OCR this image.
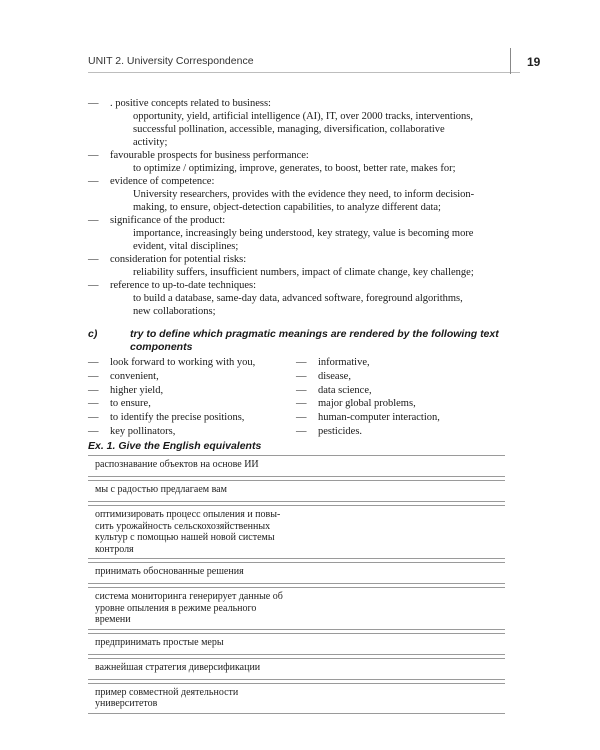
UNIT 2. University Correspondence	19
— . positive concepts related to business:
opportunity, yield, artificial intelligence (AI), IT, over 2000 tracks, interventions,
successful pollination, accessible, managing, diversification, collaborative
activity;
— favourable prospects for business performance:
to optimize / optimizing, improve, generates, to boost, better rate, makes for;
— evidence of competence:
University researchers, provides with the evidence they need, to inform decision-
making, to ensure, object-detection capabilities, to analyze different data;
— significance of the product:
importance, increasingly being understood, key strategy, value is becoming more
evident, vital disciplines;
— consideration for potential risks:
reliability suffers, insufficient numbers, impact of climate change, key challenge;
— reference to up-to-date techniques:
to build a database, same-day data, advanced software, foreground algorithms,
new collaborations;
c)	try to define which pragmatic meanings are rendered by the following text
components
— look forward to working with you,
— convenient,
— higher yield,
— to ensure,
— to identify the precise positions,
— key pollinators,
— informative,
— disease,
— data science,
— major global problems,
— human-computer interaction,
— pesticides.
Ex. 1. Give the English equivalents
распознавание объектов на основе ИИ
мы с радостью предлагаем вам
оптимизировать процесс опыления и повы-
сить урожайность сельскохозяйственных
культур с помощью нашей новой системы
контроля
принимать обоснованные решения
система мониторинга генерирует данные об
уровне опыления в режиме реального
времени
предпринимать простые меры
важнейшая стратегия диверсификации
пример совместной деятельности
университетов
